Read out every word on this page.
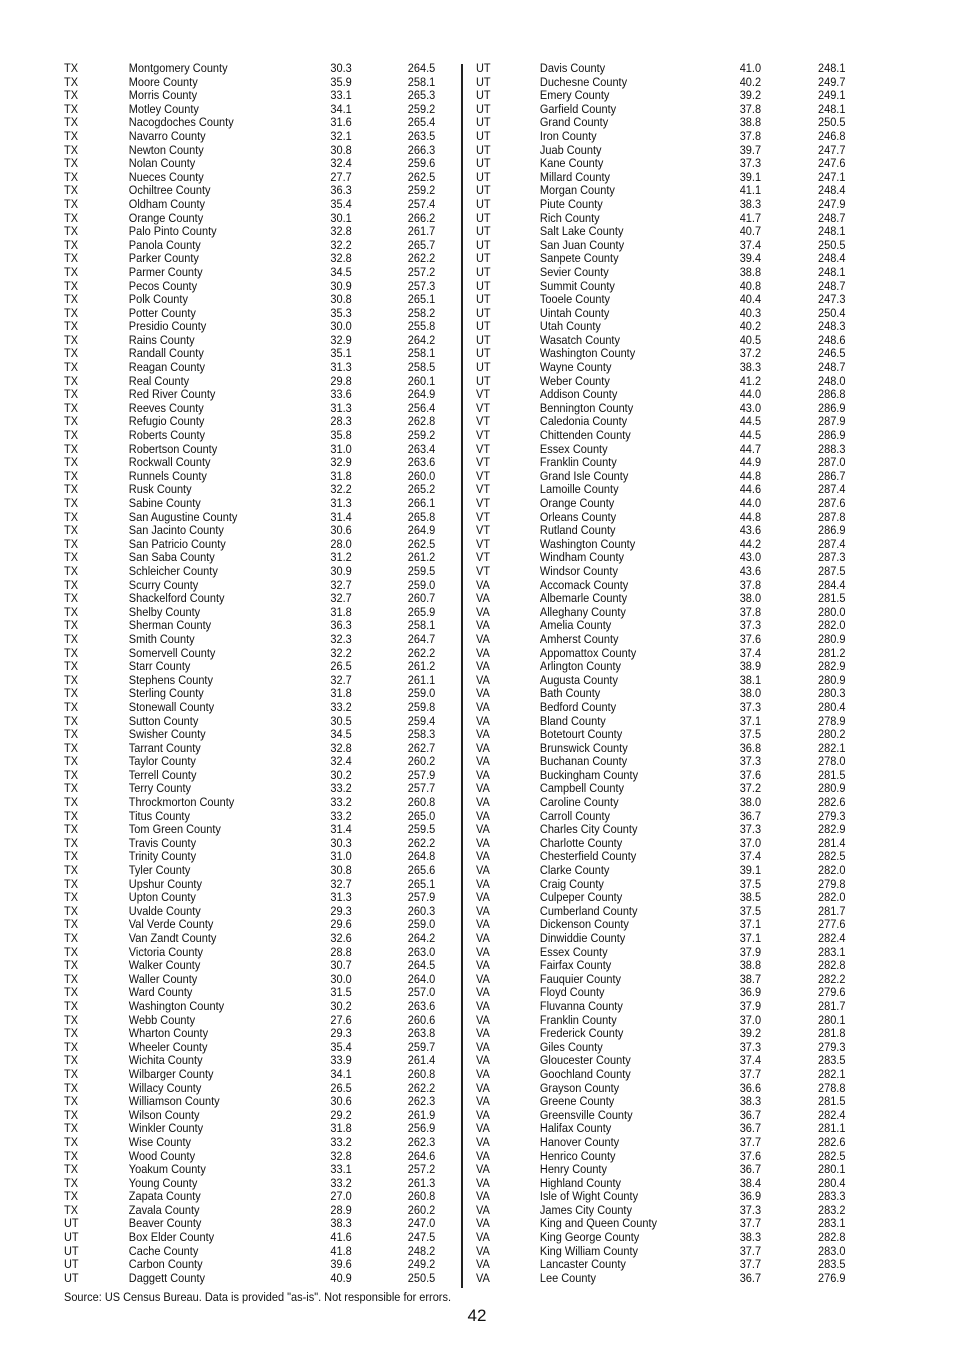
TX	Montgomery County	30.3	264.5
TX	Moore County	35.9	258.1
TX	Morris County	33.1	265.3
TX	Motley County	34.1	259.2
TX	Nacogdoches County	31.6	265.4
TX	Navarro County	32.1	263.5
TX	Newton County	30.8	266.3
TX	Nolan County	32.4	259.6
TX	Nueces County	27.7	262.5
TX	Ochiltree County	36.3	259.2
TX	Oldham County	35.4	257.4
TX	Orange County	30.1	266.2
TX	Palo Pinto County	32.8	261.7
TX	Panola County	32.2	265.7
TX	Parker County	32.8	262.2
TX	Parmer County	34.5	257.2
TX	Pecos County	30.9	257.3
TX	Polk County	30.8	265.1
TX	Potter County	35.3	258.2
TX	Presidio County	30.0	255.8
TX	Rains County	32.9	264.2
TX	Randall County	35.1	258.1
TX	Reagan County	31.3	258.5
TX	Real County	29.8	260.1
TX	Red River County	33.6	264.9
TX	Reeves County	31.3	256.4
TX	Refugio County	28.3	262.8
TX	Roberts County	35.8	259.2
TX	Robertson County	31.0	263.4
TX	Rockwall County	32.9	263.6
TX	Runnels County	31.8	260.0
TX	Rusk County	32.2	265.2
TX	Sabine County	31.3	266.1
TX	San Augustine County	31.4	265.8
TX	San Jacinto County	30.6	264.9
TX	San Patricio County	28.0	262.5
TX	San Saba County	31.2	261.2
TX	Schleicher County	30.9	259.5
TX	Scurry County	32.7	259.0
TX	Shackelford County	32.7	260.7
TX	Shelby County	31.8	265.9
TX	Sherman County	36.3	258.1
TX	Smith County	32.3	264.7
TX	Somervell County	32.2	262.2
TX	Starr County	26.5	261.2
TX	Stephens County	32.7	261.1
TX	Sterling County	31.8	259.0
TX	Stonewall County	33.2	259.8
TX	Sutton County	30.5	259.4
TX	Swisher County	34.5	258.3
TX	Tarrant County	32.8	262.7
TX	Taylor County	32.4	260.2
TX	Terrell County	30.2	257.9
TX	Terry County	33.2	257.7
TX	Throckmorton County	33.2	260.8
TX	Titus County	33.2	265.0
TX	Tom Green County	31.4	259.5
TX	Travis County	30.3	262.2
TX	Trinity County	31.0	264.8
TX	Tyler County	30.8	265.6
TX	Upshur County	32.7	265.1
TX	Upton County	31.3	257.9
TX	Uvalde County	29.3	260.3
TX	Val Verde County	29.6	259.0
TX	Van Zandt County	32.6	264.2
TX	Victoria County	28.8	263.0
TX	Walker County	30.7	264.5
TX	Waller County	30.0	264.0
TX	Ward County	31.5	257.0
TX	Washington County	30.2	263.6
TX	Webb County	27.6	260.6
TX	Wharton County	29.3	263.8
TX	Wheeler County	35.4	259.7
TX	Wichita County	33.9	261.4
TX	Wilbarger County	34.1	260.8
TX	Willacy County	26.5	262.2
TX	Williamson County	30.6	262.3
TX	Wilson County	29.2	261.9
TX	Winkler County	31.8	256.9
TX	Wise County	33.2	262.3
TX	Wood County	32.8	264.6
TX	Yoakum County	33.1	257.2
TX	Young County	33.2	261.3
TX	Zapata County	27.0	260.8
TX	Zavala County	28.9	260.2
UT	Beaver County	38.3	247.0
UT	Box Elder County	41.6	247.5
UT	Cache County	41.8	248.2
UT	Carbon County	39.6	249.2
UT	Daggett County	40.9	250.5
UT	Davis County	41.0	248.1
UT	Duchesne County	40.2	249.7
UT	Emery County	39.2	249.1
UT	Garfield County	37.8	248.1
UT	Grand County	38.8	250.5
UT	Iron County	37.8	246.8
UT	Juab County	39.7	247.7
UT	Kane County	37.3	247.6
UT	Millard County	39.1	247.1
UT	Morgan County	41.1	248.4
UT	Piute County	38.3	247.9
UT	Rich County	41.7	248.7
UT	Salt Lake County	40.7	248.1
UT	San Juan County	37.4	250.5
UT	Sanpete County	39.4	248.4
UT	Sevier County	38.8	248.1
UT	Summit County	40.8	248.7
UT	Tooele County	40.4	247.3
UT	Uintah County	40.3	250.4
UT	Utah County	40.2	248.3
UT	Wasatch County	40.5	248.6
UT	Washington County	37.2	246.5
UT	Wayne County	38.3	248.7
UT	Weber County	41.2	248.0
VT	Addison County	44.0	286.8
VT	Bennington County	43.0	286.9
VT	Caledonia County	44.5	287.9
VT	Chittenden County	44.5	286.9
VT	Essex County	44.7	288.3
VT	Franklin County	44.9	287.0
VT	Grand Isle County	44.8	286.7
VT	Lamoille County	44.6	287.4
VT	Orange County	44.0	287.6
VT	Orleans County	44.8	287.8
VT	Rutland County	43.6	286.9
VT	Washington County	44.2	287.4
VT	Windham County	43.0	287.3
VT	Windsor County	43.6	287.5
VA	Accomack County	37.8	284.4
VA	Albemarle County	38.0	281.5
VA	Alleghany County	37.8	280.0
VA	Amelia County	37.3	282.0
VA	Amherst County	37.6	280.9
VA	Appomattox County	37.4	281.2
VA	Arlington County	38.9	282.9
VA	Augusta County	38.1	280.9
VA	Bath County	38.0	280.3
VA	Bedford County	37.3	280.4
VA	Bland County	37.1	278.9
VA	Botetourt County	37.5	280.2
VA	Brunswick County	36.8	282.1
VA	Buchanan County	37.3	278.0
VA	Buckingham County	37.6	281.5
VA	Campbell County	37.2	280.9
VA	Caroline County	38.0	282.6
VA	Carroll County	36.7	279.3
VA	Charles City County	37.3	282.9
VA	Charlotte County	37.0	281.4
VA	Chesterfield County	37.4	282.5
VA	Clarke County	39.1	282.0
VA	Craig County	37.5	279.8
VA	Culpeper County	38.5	282.0
VA	Cumberland County	37.5	281.7
VA	Dickenson County	37.1	277.6
VA	Dinwiddie County	37.1	282.4
VA	Essex County	37.9	283.1
VA	Fairfax County	38.8	282.8
VA	Fauquier County	38.7	282.2
VA	Floyd County	36.9	279.6
VA	Fluvanna County	37.9	281.7
VA	Franklin County	37.0	280.1
VA	Frederick County	39.2	281.8
VA	Giles County	37.3	279.3
VA	Gloucester County	37.4	283.5
VA	Goochland County	37.7	282.1
VA	Grayson County	36.6	278.8
VA	Greene County	38.3	281.5
VA	Greensville County	36.7	282.4
VA	Halifax County	36.7	281.1
VA	Hanover County	37.7	282.6
VA	Henrico County	37.6	282.5
VA	Henry County	36.7	280.1
VA	Highland County	38.4	280.4
VA	Isle of Wight County	36.9	283.3
VA	James City County	37.3	283.2
VA	King and Queen County	37.7	283.1
VA	King George County	38.3	282.8
VA	King William County	37.7	283.0
VA	Lancaster County	37.7	283.5
VA	Lee County	36.7	276.9
Source: US Census Bureau. Data is provided "as-is". Not responsible for errors.
42
